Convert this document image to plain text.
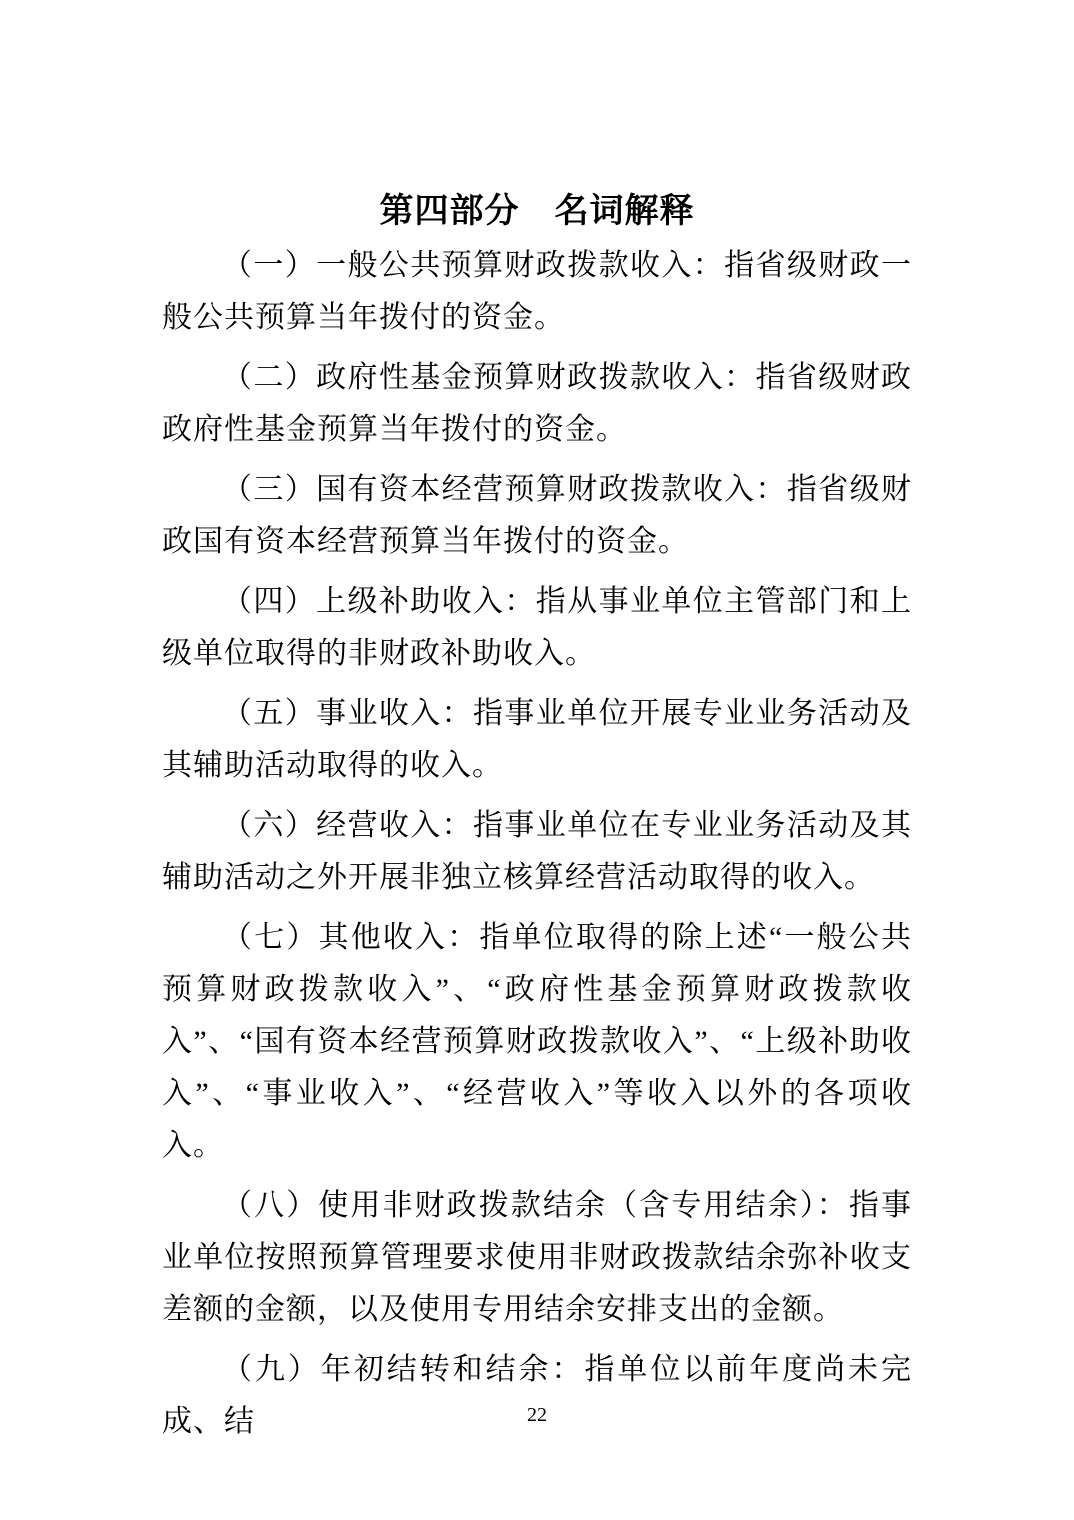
第四部分　名词解释

（一）一般公共预算财政拨款收入：指省级财政一般公共预算当年拨付的资金。

（二）政府性基金预算财政拨款收入：指省级财政政府性基金预算当年拨付的资金。

（三）国有资本经营预算财政拨款收入：指省级财政国有资本经营预算当年拨付的资金。

（四）上级补助收入：指从事业单位主管部门和上级单位取得的非财政补助收入。

（五）事业收入：指事业单位开展专业业务活动及其辅助活动取得的收入。

（六）经营收入：指事业单位在专业业务活动及其辅助活动之外开展非独立核算经营活动取得的收入。

（七）其他收入：指单位取得的除上述“一般公共预算财政拨款收入”、“政府性基金预算财政拨款收入”、“国有资本经营预算财政拨款收入”、“上级补助收入”、“事业收入”、“经营收入”等收入以外的各项收入。

（八）使用非财政拨款结余（含专用结余）：指事业单位按照预算管理要求使用非财政拨款结余弥补收支差额的金额，以及使用专用结余安排支出的金额。

（九）年初结转和结余：指单位以前年度尚未完成、结	22
